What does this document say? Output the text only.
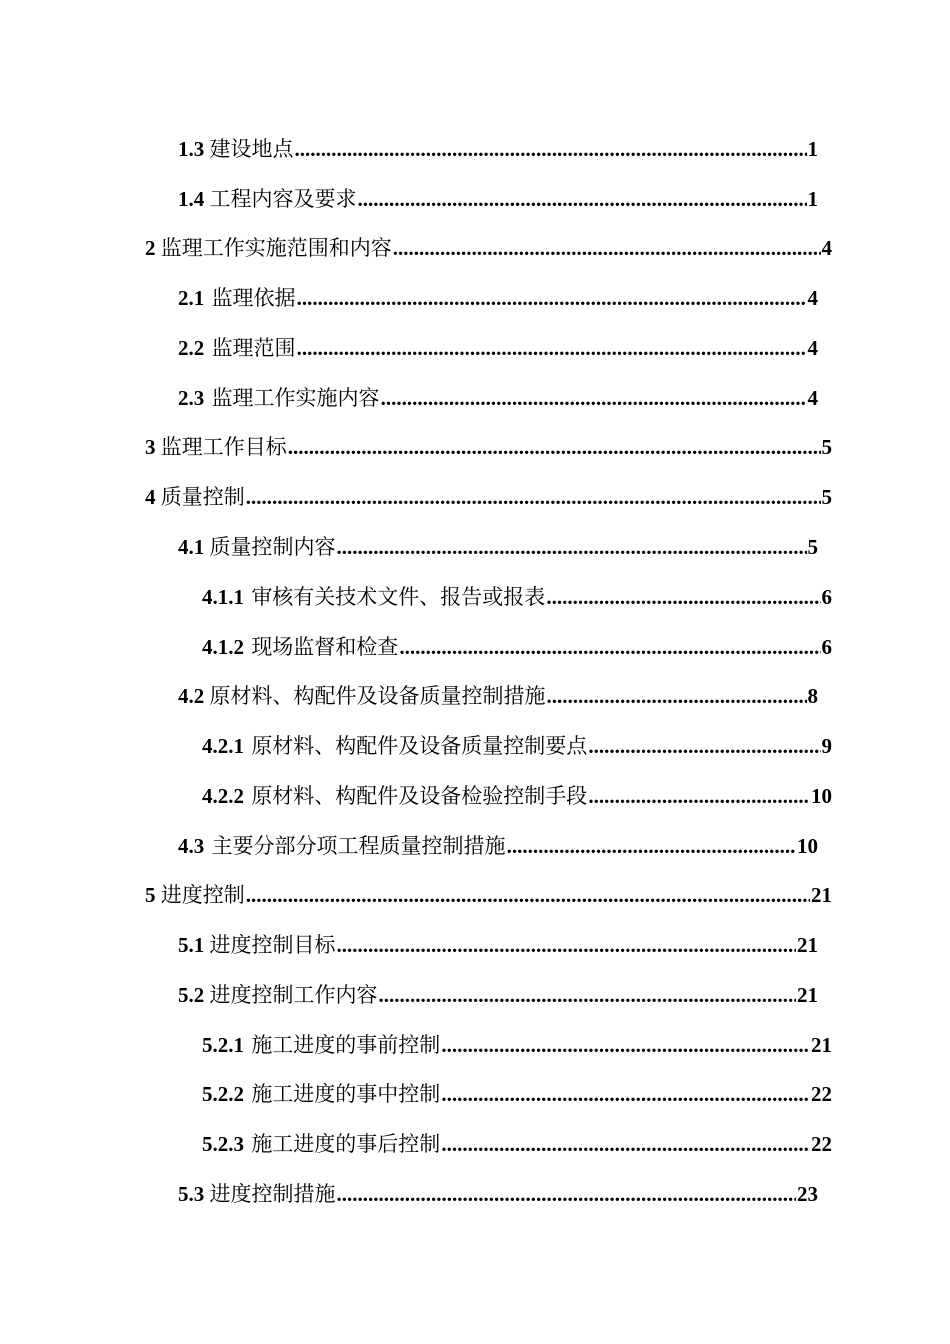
1.3 建设地点 .....	1
1.4 工程内容及要求 .....	1
2 监理工作实施范围和内容 .....	4
2.1 监理依据 .....	4
2.2 监理范围 .....	4
2.3 监理工作实施内容 .....	4
3 监理工作目标 .....	5
4 质量控制 .....	5
4.1 质量控制内容 .....	5
4.1.1 审核有关技术文件、报告或报表 .....	6
4.1.2 现场监督和检查 .....	6
4.2 原材料、构配件及设备质量控制措施 .....	8
4.2.1 原材料、构配件及设备质量控制要点 .....	9
4.2.2 原材料、构配件及设备检验控制手段 .....	10
4.3 主要分部分项工程质量控制措施 .....	10
5 进度控制 .....	21
5.1 进度控制目标 .....	21
5.2 进度控制工作内容 .....	21
5.2.1 施工进度的事前控制 .....	21
5.2.2 施工进度的事中控制 .....	22
5.2.3 施工进度的事后控制 .....	22
5.3 进度控制措施 .....	23
